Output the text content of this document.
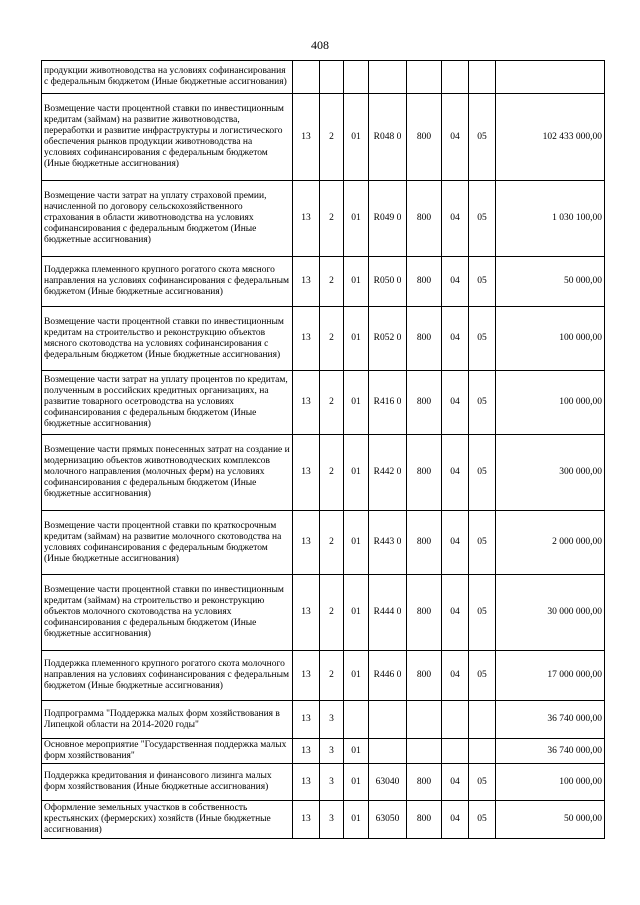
408
продукции животноводства на условиях софинансирования с федеральным бюджетом (Иные бюджетные ассигнования)								
Возмещение части процентной ставки по инвестиционным кредитам (займам) на развитие животноводства, переработки и развитие инфраструктуры и логистического обеспечения рынков продукции животноводства на условиях софинансирования с федеральным бюджетом (Иные бюджетные ассигнования)	13	2	01	R048 0	800	04	05	102 433 000,00
Возмещение части затрат на уплату страховой премии, начисленной по договору сельскохозяйственного страхования в области животноводства на условиях софинансирования с федеральным бюджетом (Иные бюджетные ассигнования)	13	2	01	R049 0	800	04	05	1 030 100,00
Поддержка племенного крупного рогатого скота мясного направления на условиях софинансирования с федеральным бюджетом (Иные бюджетные ассигнования)	13	2	01	R050 0	800	04	05	50 000,00
Возмещение части процентной ставки по инвестиционным кредитам на строительство и реконструкцию объектов мясного скотоводства на условиях софинансирования с федеральным бюджетом (Иные бюджетные ассигнования)	13	2	01	R052 0	800	04	05	100 000,00
Возмещение части затрат на уплату процентов по кредитам, полученным в российских кредитных организациях, на развитие товарного осетроводства на условиях софинансирования с федеральным бюджетом (Иные бюджетные ассигнования)	13	2	01	R416 0	800	04	05	100 000,00
Возмещение части прямых понесенных затрат на создание и модернизацию объектов животноводческих комплексов молочного направления (молочных ферм) на условиях софинансирования с федеральным бюджетом (Иные бюджетные ассигнования)	13	2	01	R442 0	800	04	05	300 000,00
Возмещение части процентной ставки по краткосрочным кредитам (займам) на развитие молочного скотоводства на условиях софинансирования с федеральным бюджетом (Иные бюджетные ассигнования)	13	2	01	R443 0	800	04	05	2 000 000,00
Возмещение части процентной ставки по инвестиционным кредитам (займам) на строительство и реконструкцию объектов молочного скотоводства на условиях софинансирования с федеральным бюджетом (Иные бюджетные ассигнования)	13	2	01	R444 0	800	04	05	30 000 000,00
Поддержка племенного крупного рогатого скота молочного направления на условиях софинансирования с федеральным бюджетом (Иные бюджетные ассигнования)	13	2	01	R446 0	800	04	05	17 000 000,00
Подпрограмма "Поддержка малых форм хозяйствования в Липецкой области на 2014-2020 годы"	13	3						36 740 000,00
Основное мероприятие "Государственная поддержка малых форм хозяйствования"	13	3	01					36 740 000,00
Поддержка кредитования и финансового лизинга малых форм хозяйствования (Иные бюджетные ассигнования)	13	3	01	63040	800	04	05	100 000,00
Оформление земельных участков в собственность крестьянских (фермерских) хозяйств (Иные бюджетные ассигнования)	13	3	01	63050	800	04	05	50 000,00
